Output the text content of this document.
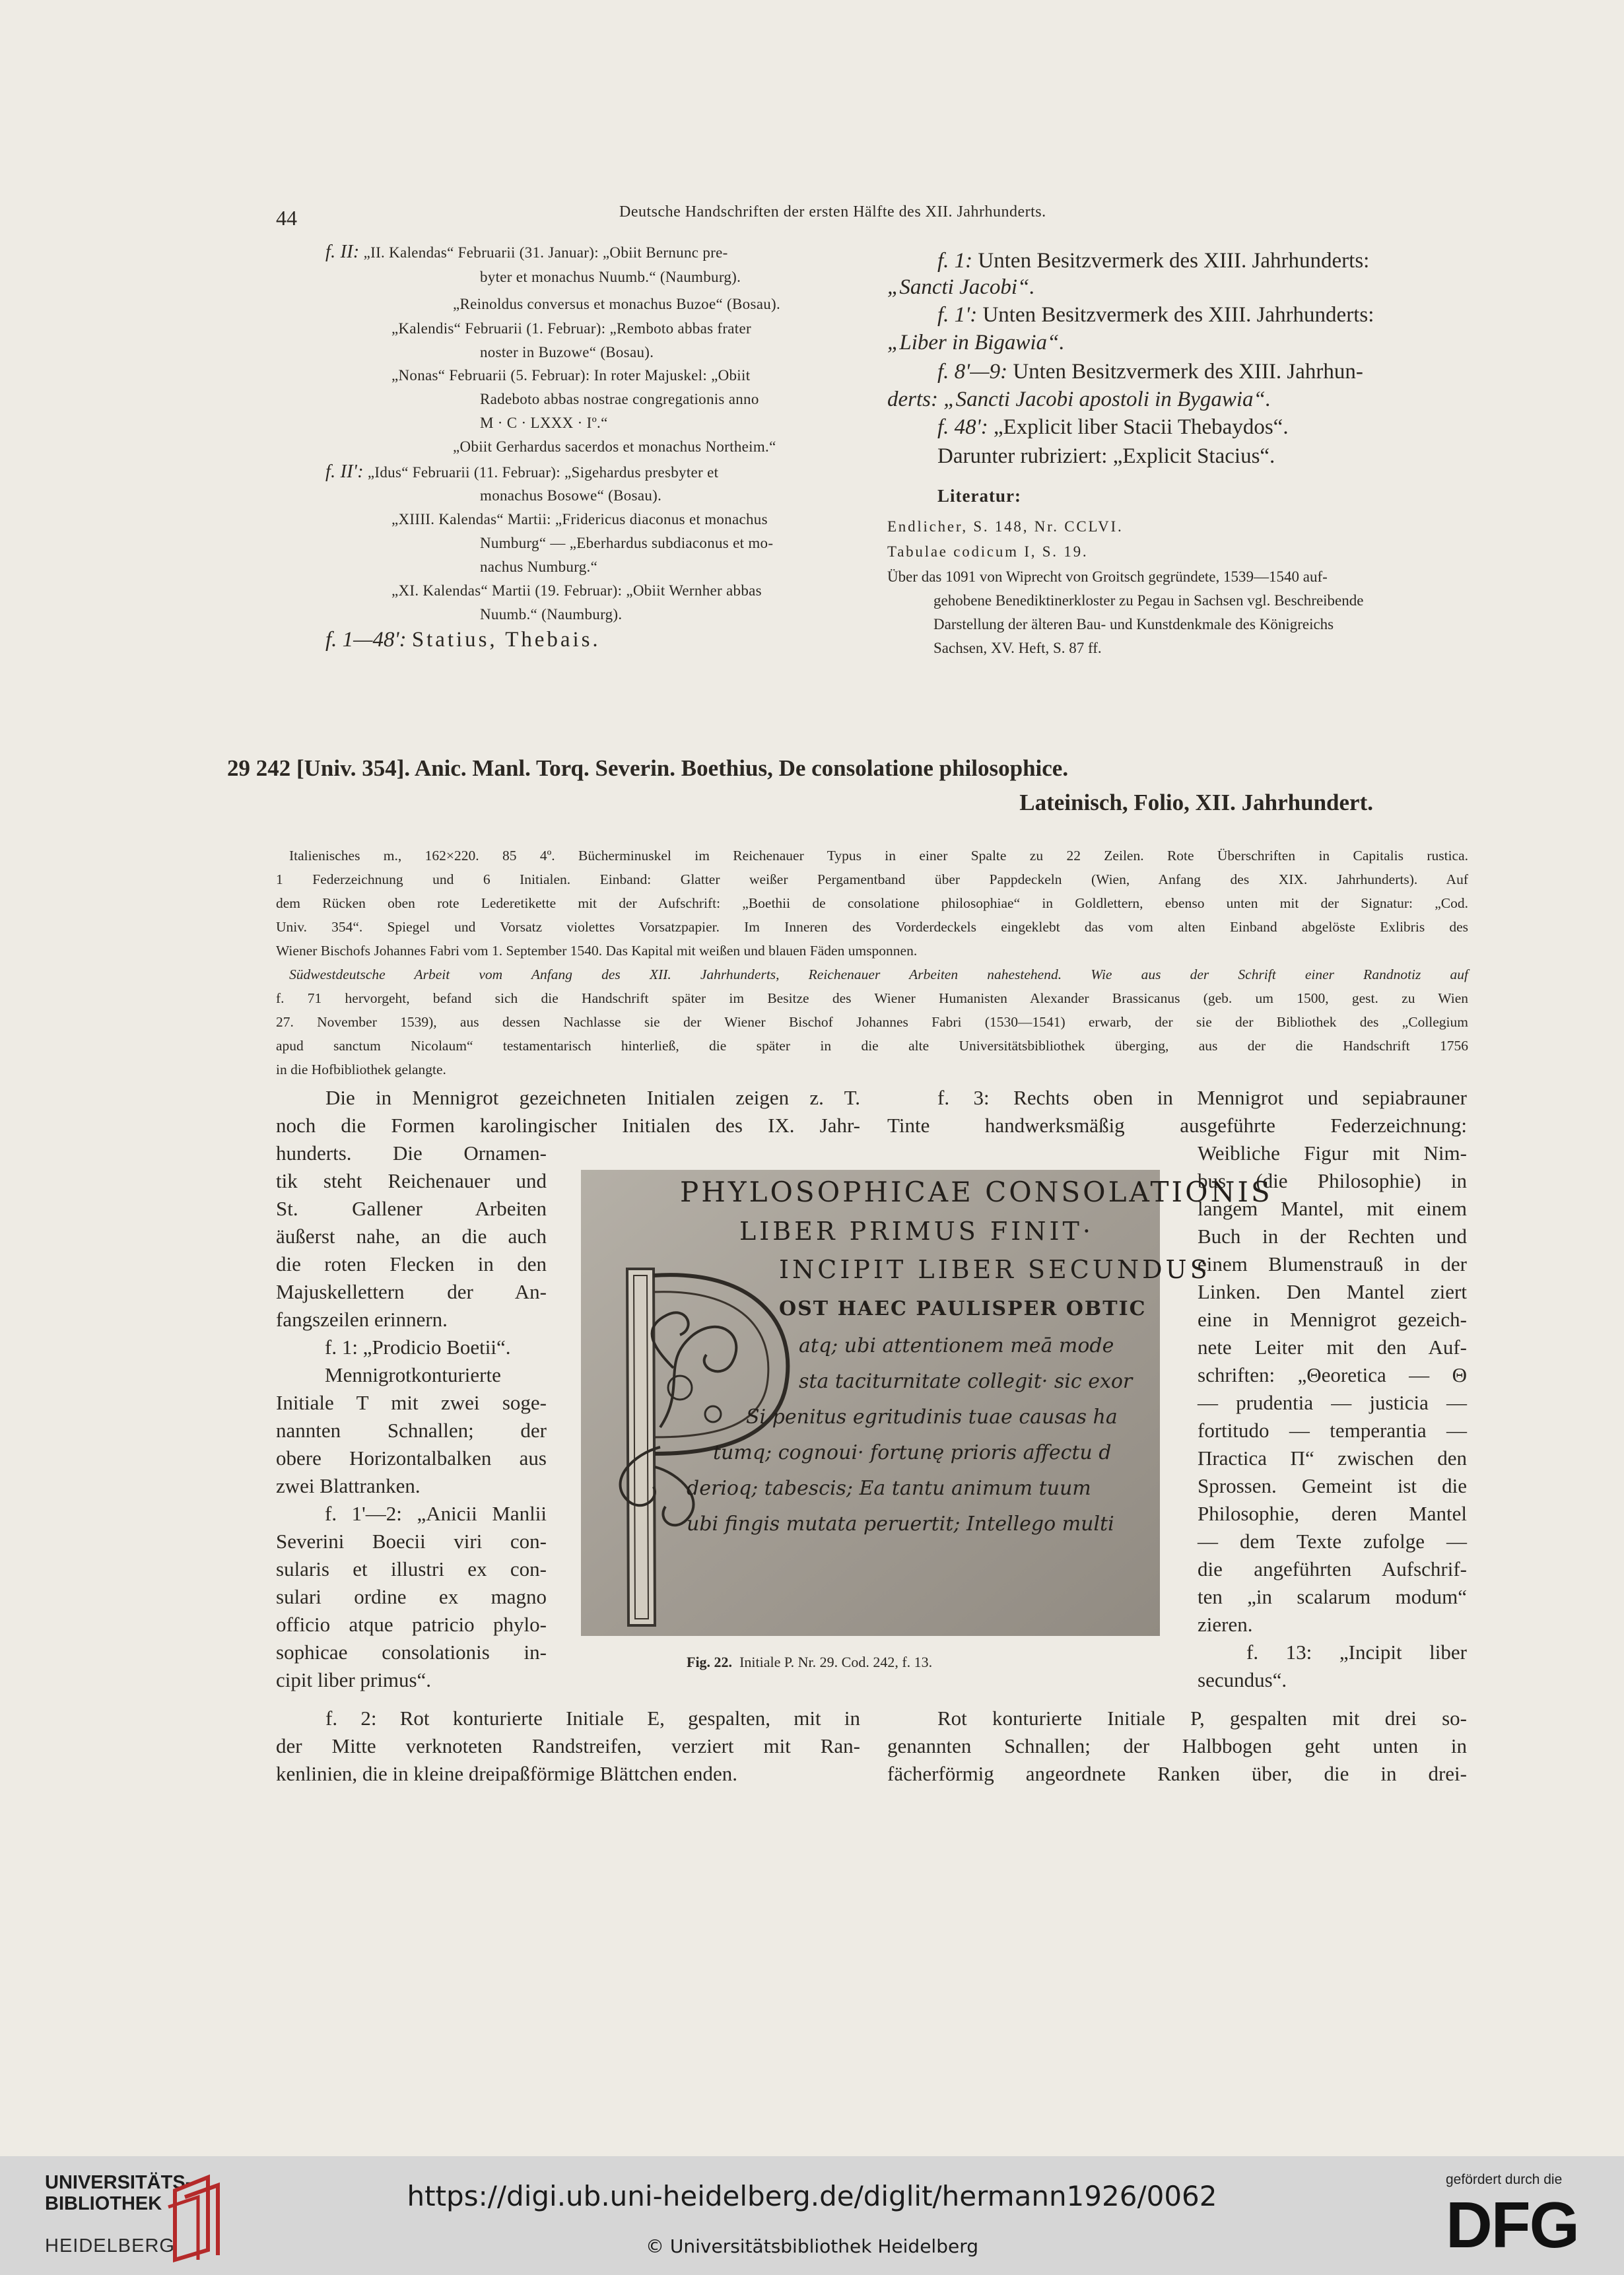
44	Deutsche Handschriften der ersten Hälfte des XII. Jahrhunderts.
f. II: „II. Kalendas“ Februarii (31. Januar): „Obiit Bernunc pre-
byter et monachus Nuumb.“ (Naumburg).
„Reinoldus conversus et monachus Buzoe“ (Bosau).
„Kalendis“ Februarii (1. Februar): „Remboto abbas frater
noster in Buzowe“ (Bosau).
„Nonas“ Februarii (5. Februar): In roter Majuskel: „Obiit
Radeboto abbas nostrae congregationis anno
M · C · LXXX · Iº.“
„Obiit Gerhardus sacerdos et monachus Northeim.“
f. II': „Idus“ Februarii (11. Februar): „Sigehardus presbyter et
monachus Bosowe“ (Bosau).
„XIIII. Kalendas“ Martii: „Fridericus diaconus et monachus
Numburg“ — „Eberhardus subdiaconus et mo-
nachus Numburg.“
„XI. Kalendas“ Martii (19. Februar): „Obiit Wernher abbas
Nuumb.“ (Naumburg).
f. 1—48': Statius, Thebais.
f. 1: Unten Besitzvermerk des XIII. Jahrhunderts:
„Sancti Jacobi“.
f. 1': Unten Besitzvermerk des XIII. Jahrhunderts:
„Liber in Bigawia“.
f. 8'—9: Unten Besitzvermerk des XIII. Jahrhun-
derts: „Sancti Jacobi apostoli in Bygawia“.
f. 48': „Explicit liber Stacii Thebaydos“.
Darunter rubriziert: „Explicit Stacius“.
Literatur:
Endlicher, S. 148, Nr. CCLVI.
Tabulae codicum I, S. 19.
Über das 1091 von Wiprecht von Groitsch gegründete, 1539—1540 auf-
gehobene Benediktinerkloster zu Pegau in Sachsen vgl. Beschreibende
Darstellung der älteren Bau- und Kunstdenkmale des Königreichs
Sachsen, XV. Heft, S. 87 ff.
29 242 [Univ. 354]. Anic. Manl. Torq. Severin. Boethius, De consolatione philosophice.
Lateinisch, Folio, XII. Jahrhundert.
Italienisches m., 162×220. 85 4º. Bücherminuskel im Reichenauer Typus in einer Spalte zu 22 Zeilen. Rote Überschriften in Capitalis rustica.
1 Federzeichnung und 6 Initialen. Einband: Glatter weißer Pergamentband über Pappdeckeln (Wien, Anfang des XIX. Jahrhunderts). Auf
dem Rücken oben rote Lederetikette mit der Aufschrift: „Boethii de consolatione philosophiae“ in Goldlettern, ebenso unten mit der Signatur: „Cod.
Univ. 354“. Spiegel und Vorsatz violettes Vorsatzpapier. Im Inneren des Vorderdeckels eingeklebt das vom alten Einband abgelöste Exlibris des
Wiener Bischofs Johannes Fabri vom 1. September 1540. Das Kapital mit weißen und blauen Fäden umsponnen.
Südwestdeutsche Arbeit vom Anfang des XII. Jahrhunderts, Reichenauer Arbeiten nahestehend. Wie aus der Schrift einer Randnotiz auf
f. 71 hervorgeht, befand sich die Handschrift später im Besitze des Wiener Humanisten Alexander Brassicanus (geb. um 1500, gest. zu Wien
27. November 1539), aus dessen Nachlasse sie der Wiener Bischof Johannes Fabri (1530—1541) erwarb, der sie der Bibliothek des „Collegium
apud sanctum Nicolaum“ testamentarisch hinterließ, die später in die alte Universitätsbibliothek überging, aus der die Handschrift 1756
in die Hofbibliothek gelangte.
Die in Mennigrot gezeichneten Initialen zeigen z. T.
noch die Formen karolingischer Initialen des IX. Jahr-
hunderts. Die Ornamen-
tik steht Reichenauer und
St. Gallener Arbeiten
äußerst nahe, an die auch
die roten Flecken in den
Majuskellettern der An-
fangszeilen erinnern.
f. 1: „Prodicio Boetii“.
Mennigrotkonturierte
Initiale T mit zwei soge-
nannten Schnallen; der
obere Horizontalbalken aus
zwei Blattranken.
f. 1'—2: „Anicii Manlii
Severini Boecii viri con-
sularis et illustri ex con-
sulari ordine ex magno
officio atque patricio phylo-
sophicae consolationis in-
cipit liber primus“.
f. 2: Rot konturierte Initiale E, gespalten, mit in
der Mitte verknoteten Randstreifen, verziert mit Ran-
kenlinien, die in kleine dreipaßförmige Blättchen enden.
f. 3: Rechts oben in Mennigrot und sepiabrauner
Tinte handwerksmäßig ausgeführte Federzeichnung:
Weibliche Figur mit Nim-
bus (die Philosophie) in
langem Mantel, mit einem
Buch in der Rechten und
einem Blumenstrauß in der
Linken. Den Mantel ziert
eine in Mennigrot gezeich-
nete Leiter mit den Auf-
schriften: „Θeoretica — Θ
— prudentia — justicia —
fortitudo — temperantia —
Πractica Π“ zwischen den
Sprossen. Gemeint ist die
Philosophie, deren Mantel
— dem Texte zufolge —
die angeführten Aufschrif-
ten „in scalarum modum“
zieren.
f. 13: „Incipit liber
secundus“.
Rot konturierte Initiale P, gespalten mit drei so-
genannten Schnallen; der Halbbogen geht unten in
fächerförmig angeordnete Ranken über, die in drei-
PHYLOSOPHICAE CONSOLATIONIS
LIBER PRIMUS FINIT·
INCIPIT LIBER SECUNDUS
OST HAEC PAULISPER OBTIC
atq; ubi attentionem meā mode
sta taciturnitate collegit· sic exor
Si penitus egritudinis tuae causas ha
tumq; cognoui· fortunę prioris affectu d
derioq; tabescis; Ea tantu animum tuum
ubi fingis mutata peruertit; Intellego multi
Fig. 22. Initiale P. Nr. 29. Cod. 242, f. 13.
UNIVERSITÄTS-
BIBLIOTHEK
HEIDELBERG
https://digi.ub.uni-heidelberg.de/diglit/hermann1926/0062
© Universitätsbibliothek Heidelberg
gefördert durch die
DFG
